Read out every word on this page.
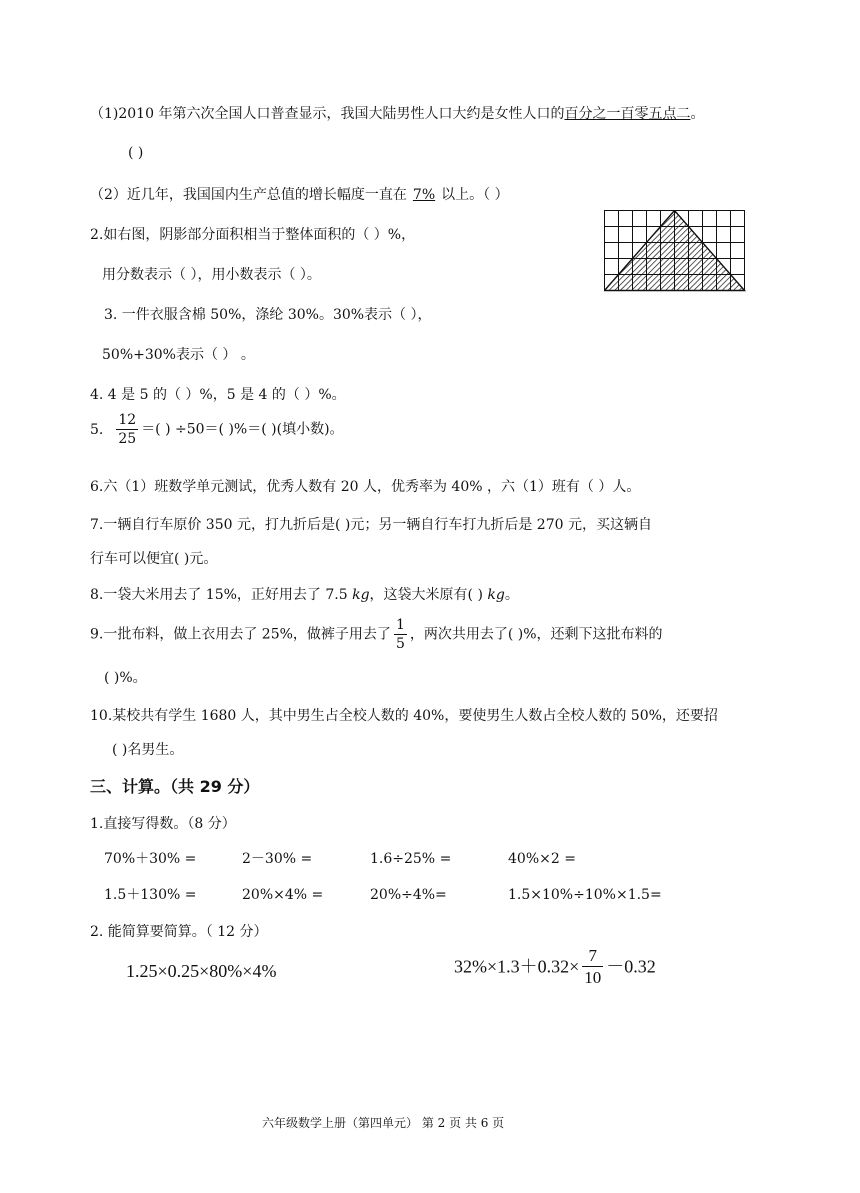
（1)2010 年第六次全国人口普查显示，我国大陆男性人口大约是女性人口的百分之一百零五点二。
( )
（2）近几年，我国国内生产总值的增长幅度一直在 7% 以上。（ ）
2.如右图，阴影部分面积相当于整体面积的（ ）%，
用分数表示（ ），用小数表示（ ）。
3. 一件衣服含棉 50%，涤纶 30%。30%表示（ ），
50%+30%表示（ ） 。
4. 4 是 5 的（ ）%，5 是 4 的（ ）%。
5. $\frac{12}{25}$ ＝( ) ÷50＝( )%＝( )(填小数)。
6.六（1）班数学单元测试，优秀人数有 20 人，优秀率为 40% ，六（1）班有（ ）人。
7.一辆自行车原价 350 元，打九折后是( )元；另一辆自行车打九折后是 270 元，买这辆自
行车可以便宜( )元。
8.一袋大米用去了 15%，正好用去了 7.5 kg，这袋大米原有( ) kg。
9.一批布料，做上衣用去了 25%，做裤子用去了 $\frac{1}{5}$ ，两次共用去了( )%，还剩下这批布料的
( )%。
10.某校共有学生 1680 人，其中男生占全校人数的 40%，要使男生人数占全校人数的 50%，还要招
( )名男生。
三、计算。（共 29 分）
1.直接写得数。（8 分）
70%＋30% =	2－30% =	1.6÷25% =	40%×2 =
1.5＋130% =	20%×4% =	20%÷4%=	1.5×10%÷10%×1.5=
2. 能简算要简算。（ 12 分）
1.25×0.25×80%×4%	$32\%\times 1.3+0.32\times \frac{7}{10} -0.32$
六年级数学上册（第四单元） 第 2 页 共 6 页
